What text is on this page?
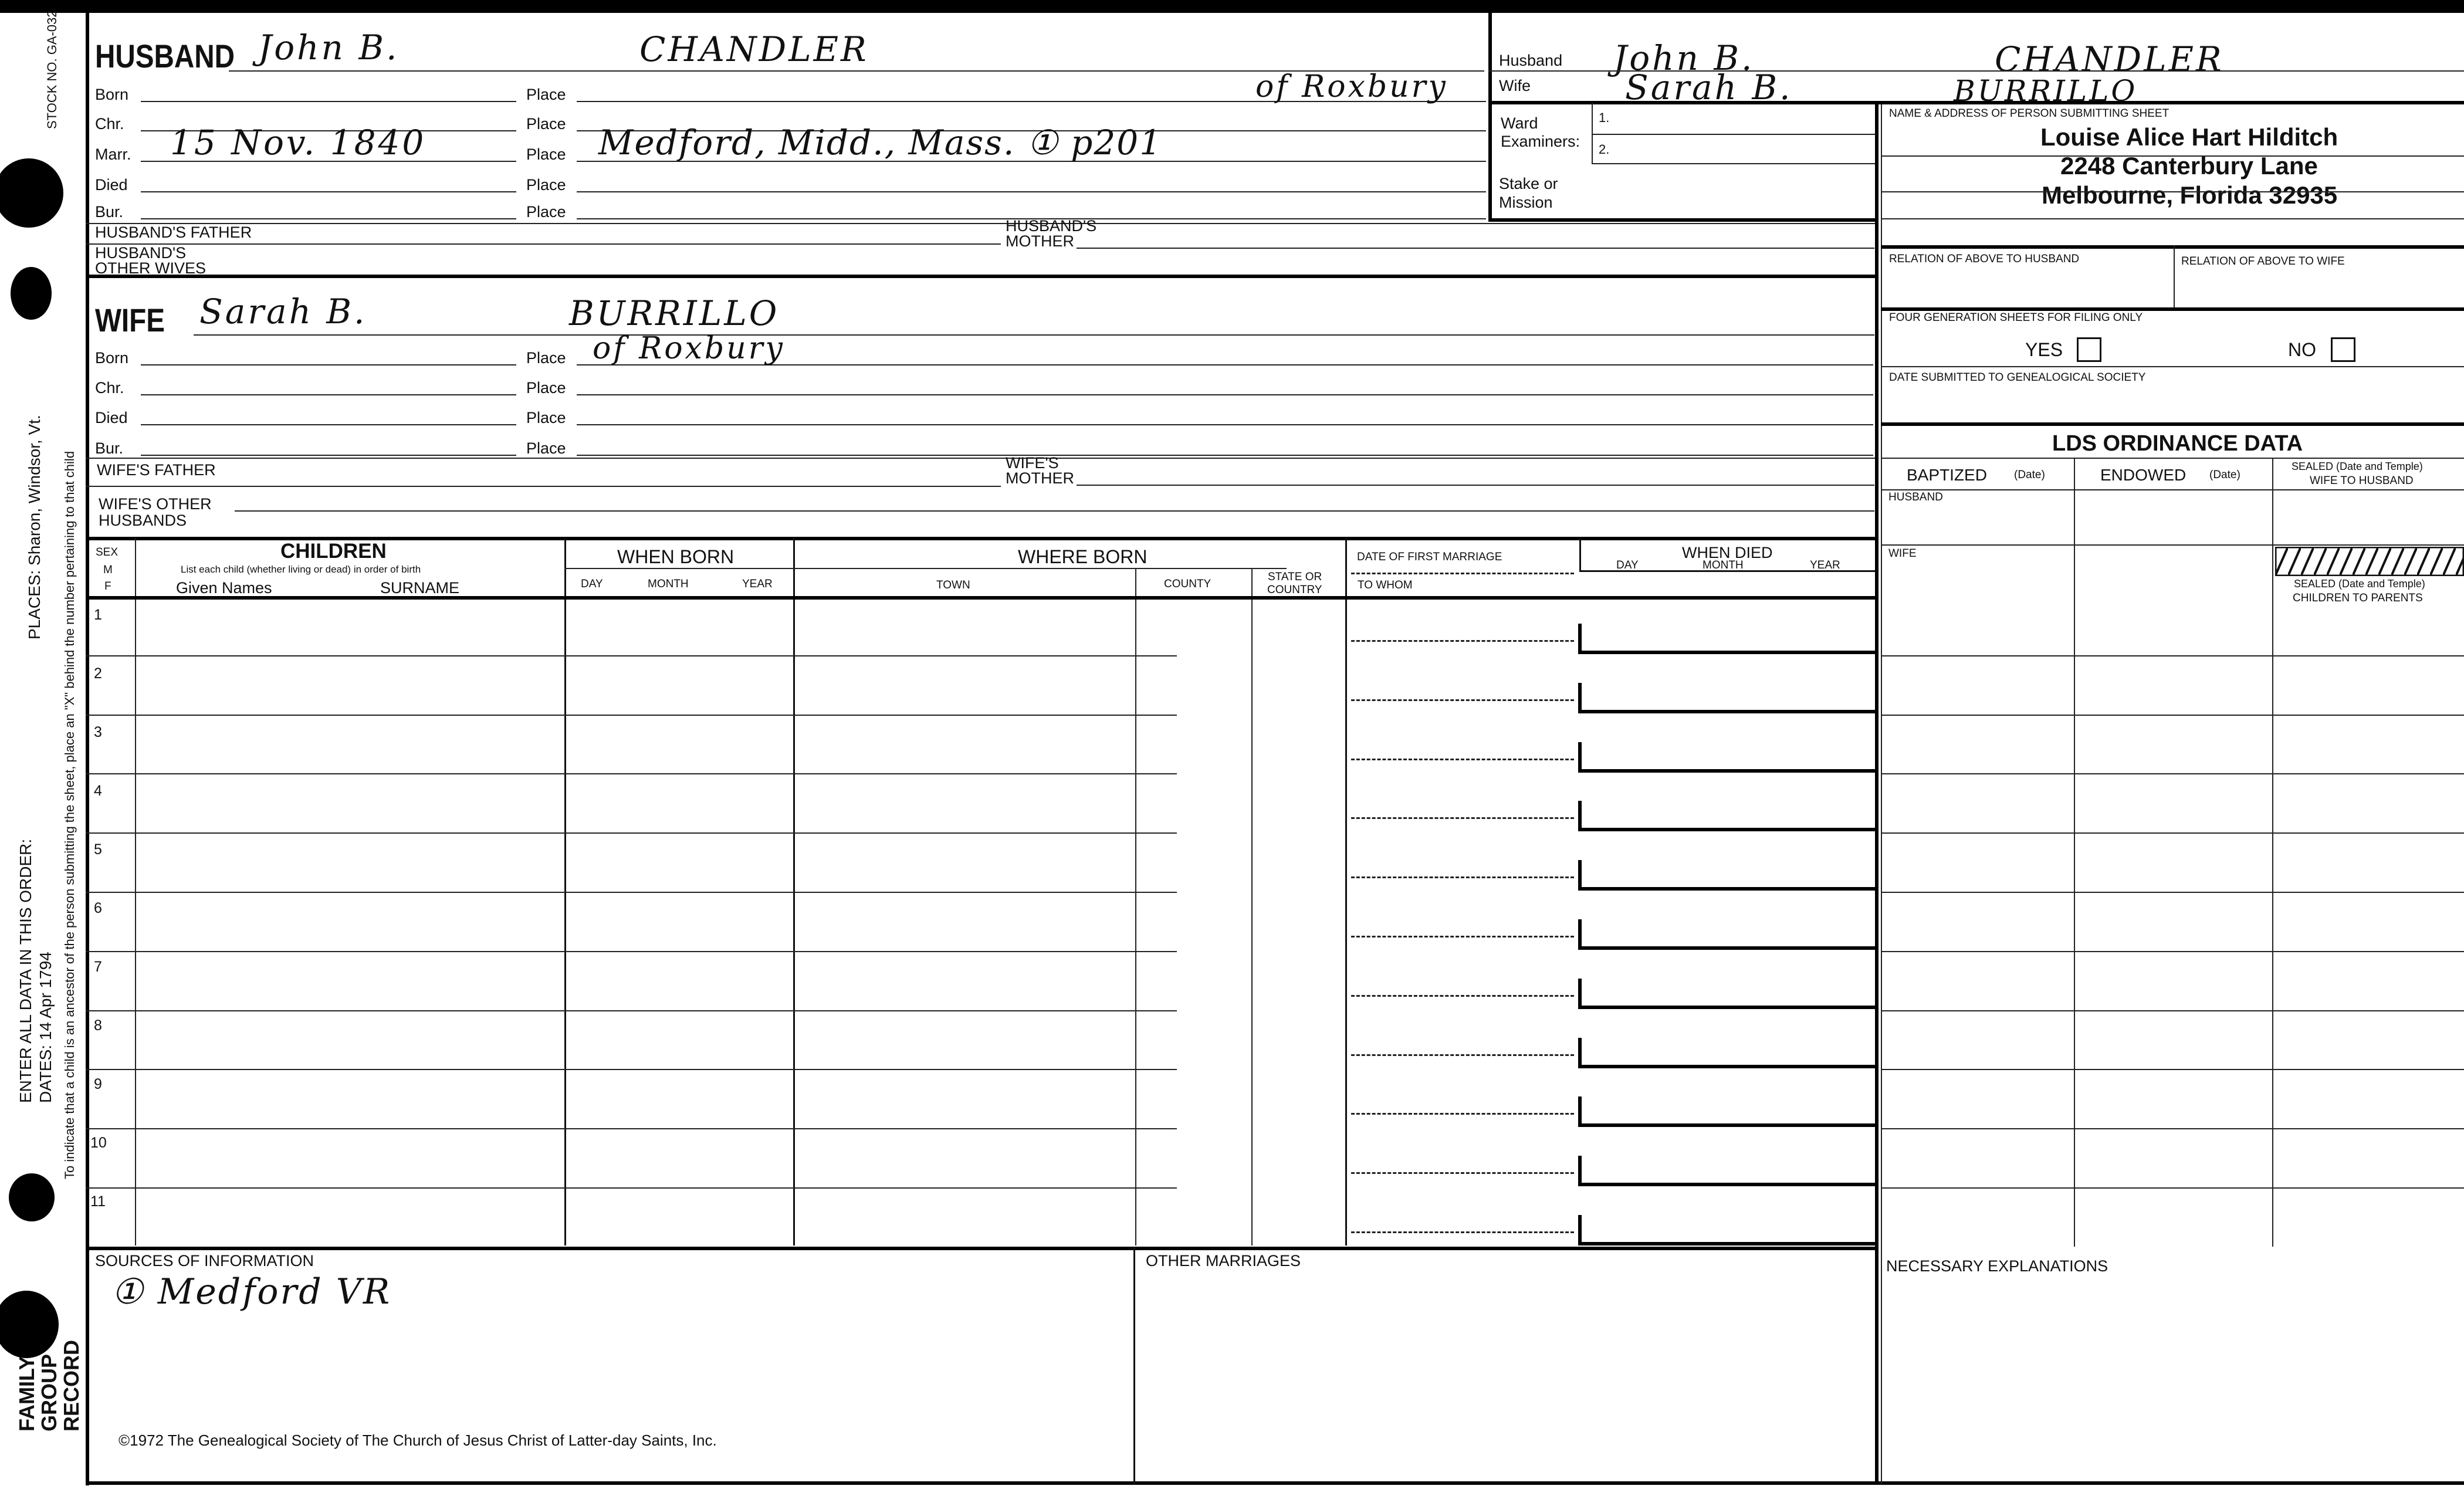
STOCK NO. GA-032
PLACES: Sharon, Windsor, Vt. To indicate that a child is an ancestor of the person submitting the sheet, place an "X" behind the number pertaining to that child
ENTER ALL DATA IN THIS ORDER: DATES: 14 Apr 1794
FAMILY
GROUP
RECORD
HUSBAND John B.	CHANDLER
Born	Place	of Roxbury
Chr.	Place
Marr. 15 Nov. 1840	Place Medford, Midd., Mass. ① p201
Died	Place
Bur.	Place
HUSBAND'S FATHER	HUSBAND'S
MOTHER
HUSBAND'S
OTHER WIVES
WIFE Sarah B.	BURRILLO
Born	Place of Roxbury
Chr.	Place
Died	Place
Bur.	Place
WIFE'S FATHER	WIFE'S
MOTHER
WIFE'S OTHER
HUSBANDS
Husband John B.	CHANDLER
Wife	Sarah B.	BURRILLO
Ward
Examiners:
1.
2.
Stake or
Mission
NAME & ADDRESS OF PERSON SUBMITTING SHEET
Louise Alice Hart Hilditch
2248 Canterbury Lane
Melbourne, Florida 32935
RELATION OF ABOVE TO HUSBAND	RELATION OF ABOVE TO WIFE
FOUR GENERATION SHEETS FOR FILING ONLY
YES	NO
DATE SUBMITTED TO GENEALOGICAL SOCIETY
LDS ORDINANCE DATA
BAPTIZED (Date)	ENDOWED (Date)
SEALED (Date and Temple)
WIFE TO HUSBAND
HUSBAND
WIFE
SEALED (Date and Temple)
CHILDREN TO PARENTS
SEX
M
F
CHILDREN
List each child (whether living or dead) in order of birth
Given Names	SURNAME
WHEN BORN
DAY	MONTH	YEAR
WHERE BORN
TOWN	COUNTY
STATE OR
COUNTRY
DATE OF FIRST MARRIAGE
TO WHOM
WHEN DIED
DAY	MONTH	YEAR
1
2
3
4
5
6
7
8
9
10
11
SOURCES OF INFORMATION
① Medford VR
OTHER MARRIAGES	NECESSARY EXPLANATIONS
©1972 The Genealogical Society of The Church of Jesus Christ of Latter-day Saints, Inc.
